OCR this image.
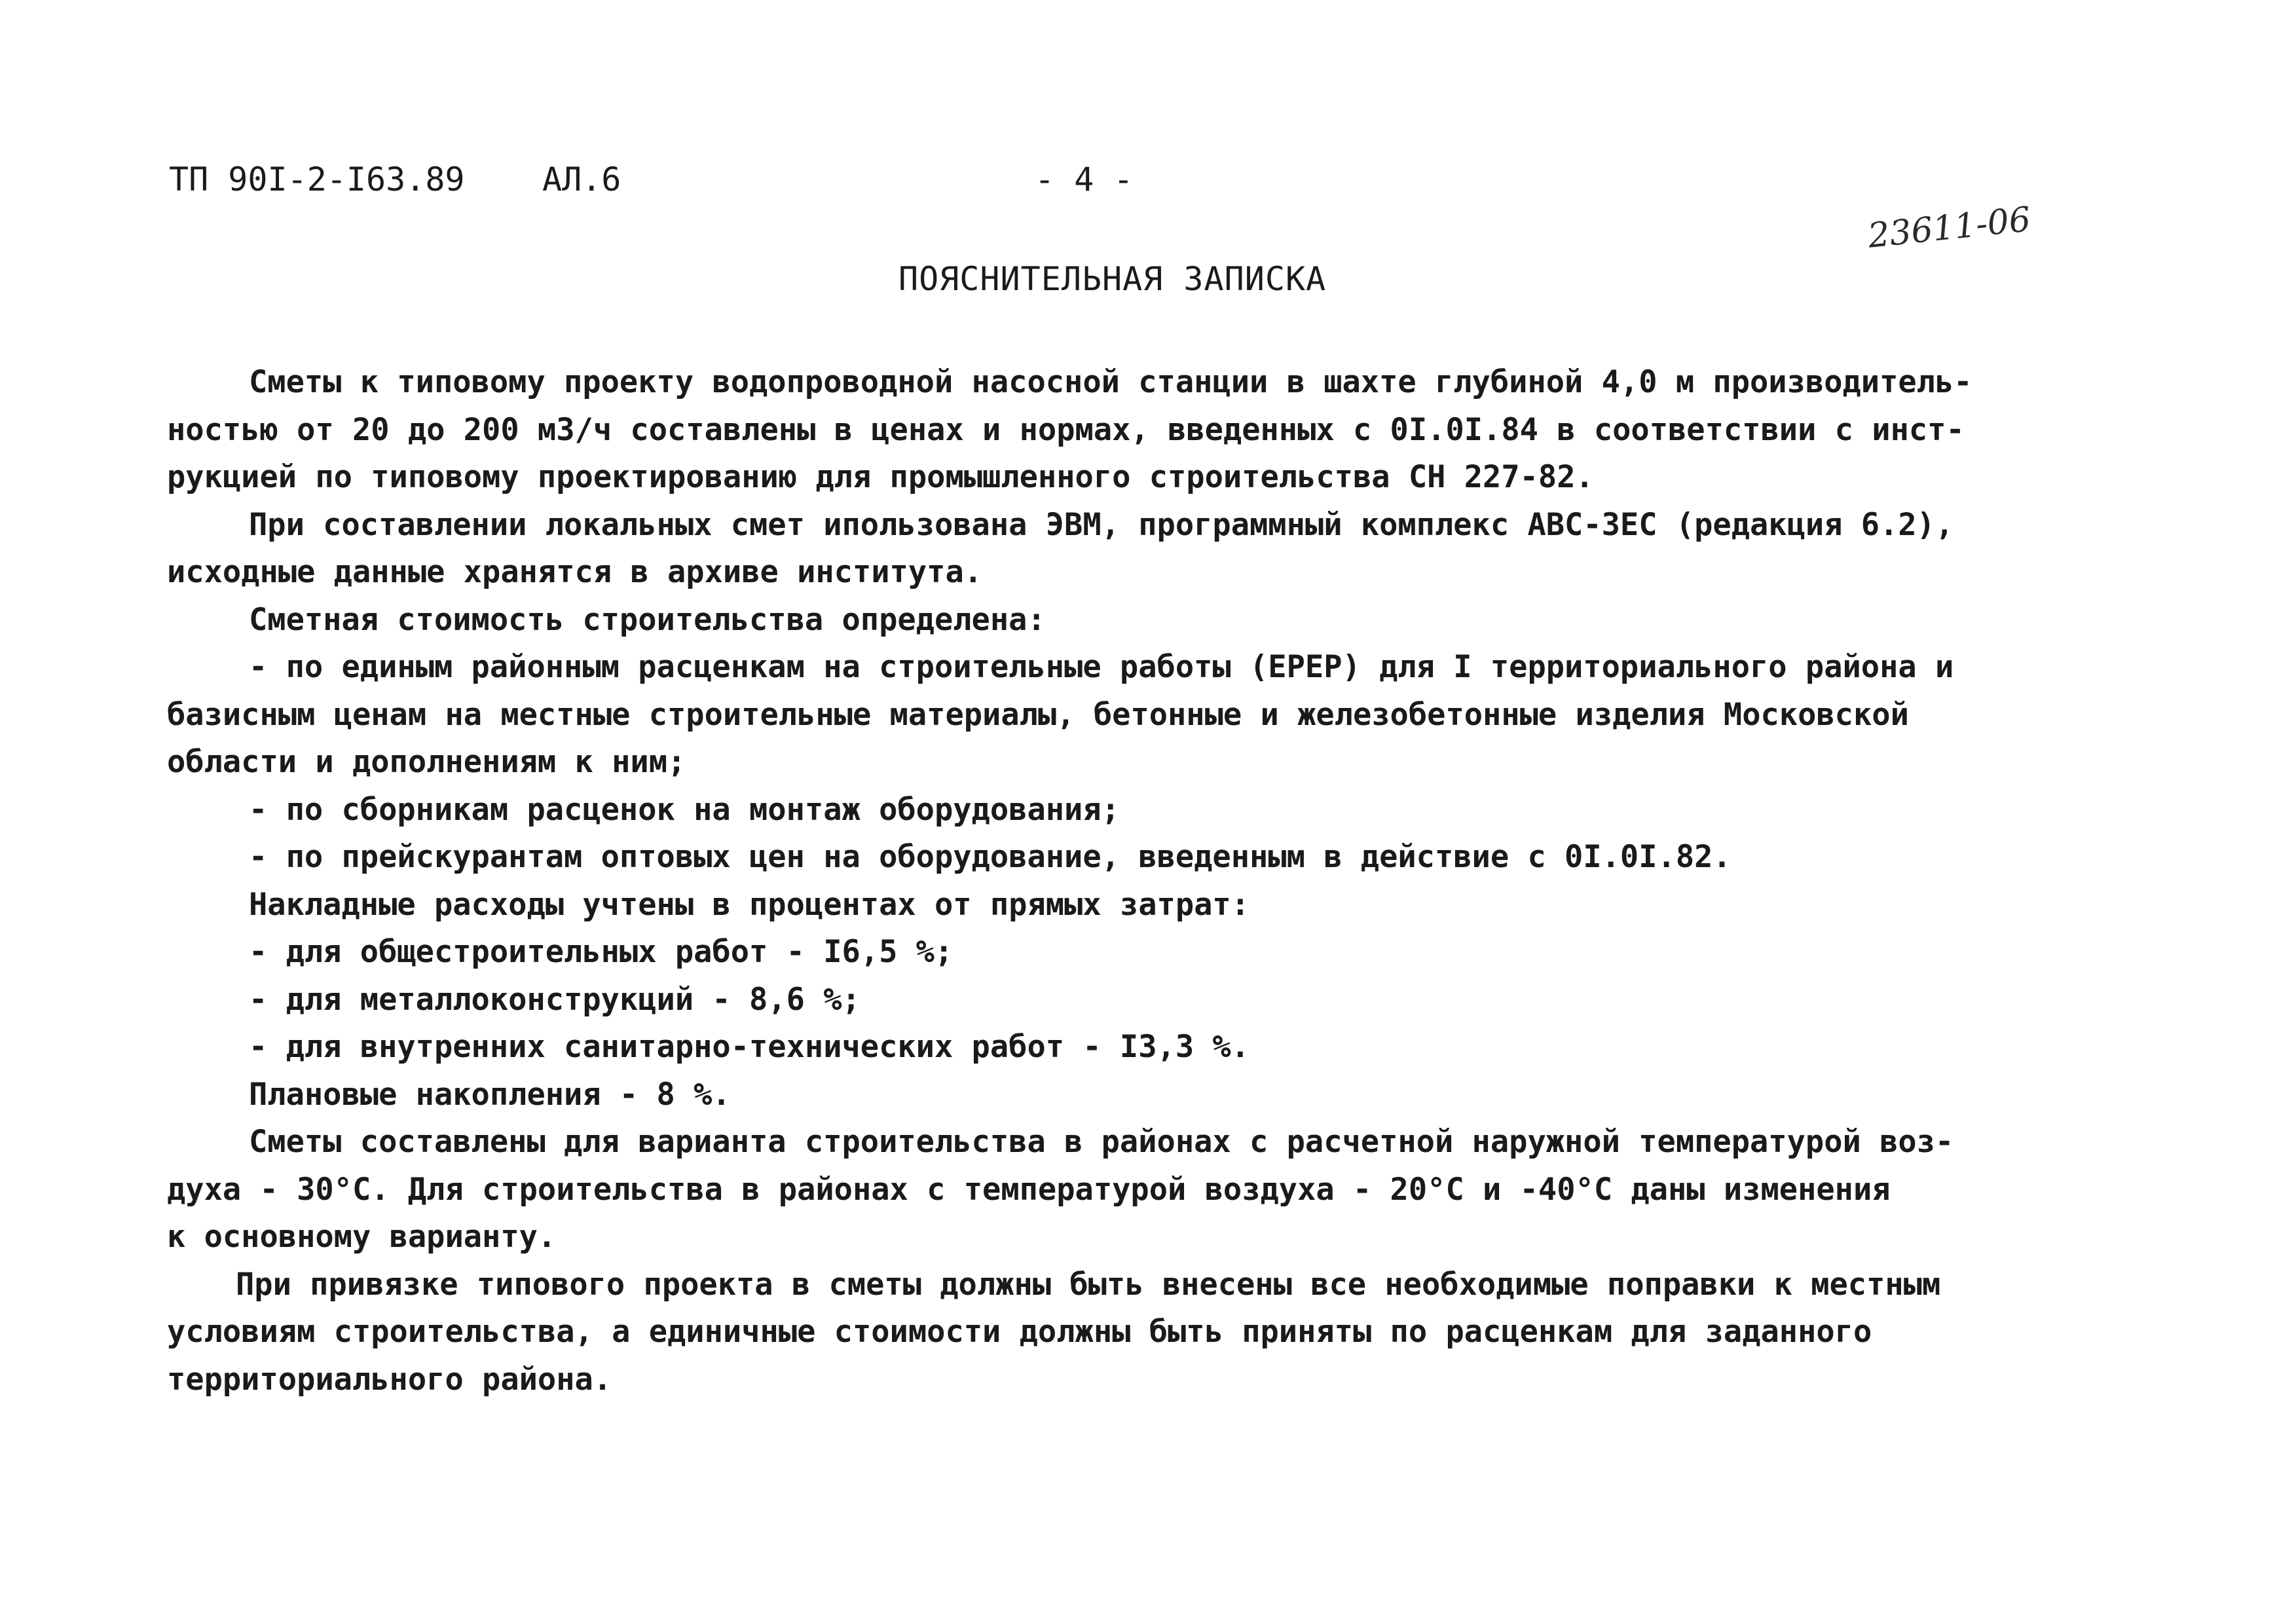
ТП 90I-2-I63.89 АЛ.6	- 4 -
23611-06
ПОЯСНИТЕЛЬНАЯ ЗАПИСКА
Сметы к типовому проекту водопроводной насосной станции в шахте глубиной 4,0 м производитель-
ностью от 20 до 200 м3/ч составлены в ценах и нормах, введенных с 0I.0I.84 в соответствии с инст-
рукцией по типовому проектированию для промышленного строительства СН 227-82.
При составлении локальных смет ипользована ЭВМ, программный комплекс АВС-3ЕС (редакция 6.2),
исходные данные хранятся в архиве института.
Сметная стоимость строительства определена:
- по единым районным расценкам на строительные работы (ЕРЕР) для I территориального района и
базисным ценам на местные строительные материалы, бетонные и железобетонные изделия Московской
области и дополнениям к ним;
- по сборникам расценок на монтаж оборудования;
- по прейскурантам оптовых цен на оборудование, введенным в действие с 0I.0I.82.
Накладные расходы учтены в процентах от прямых затрат:
- для общестроительных работ - I6,5 %;
- для металлоконструкций - 8,6 %;
- для внутренних санитарно-технических работ - I3,3 %.
Плановые накопления - 8 %.
Сметы составлены для варианта строительства в районах с расчетной наружной температурой воз-
духа - 30°С. Для строительства в районах с температурой воздуха - 20°С и -40°С даны изменения
к основному варианту.
При привязке типового проекта в сметы должны быть внесены все необходимые поправки к местным
условиям строительства, а единичные стоимости должны быть приняты по расценкам для заданного
территориального района.
